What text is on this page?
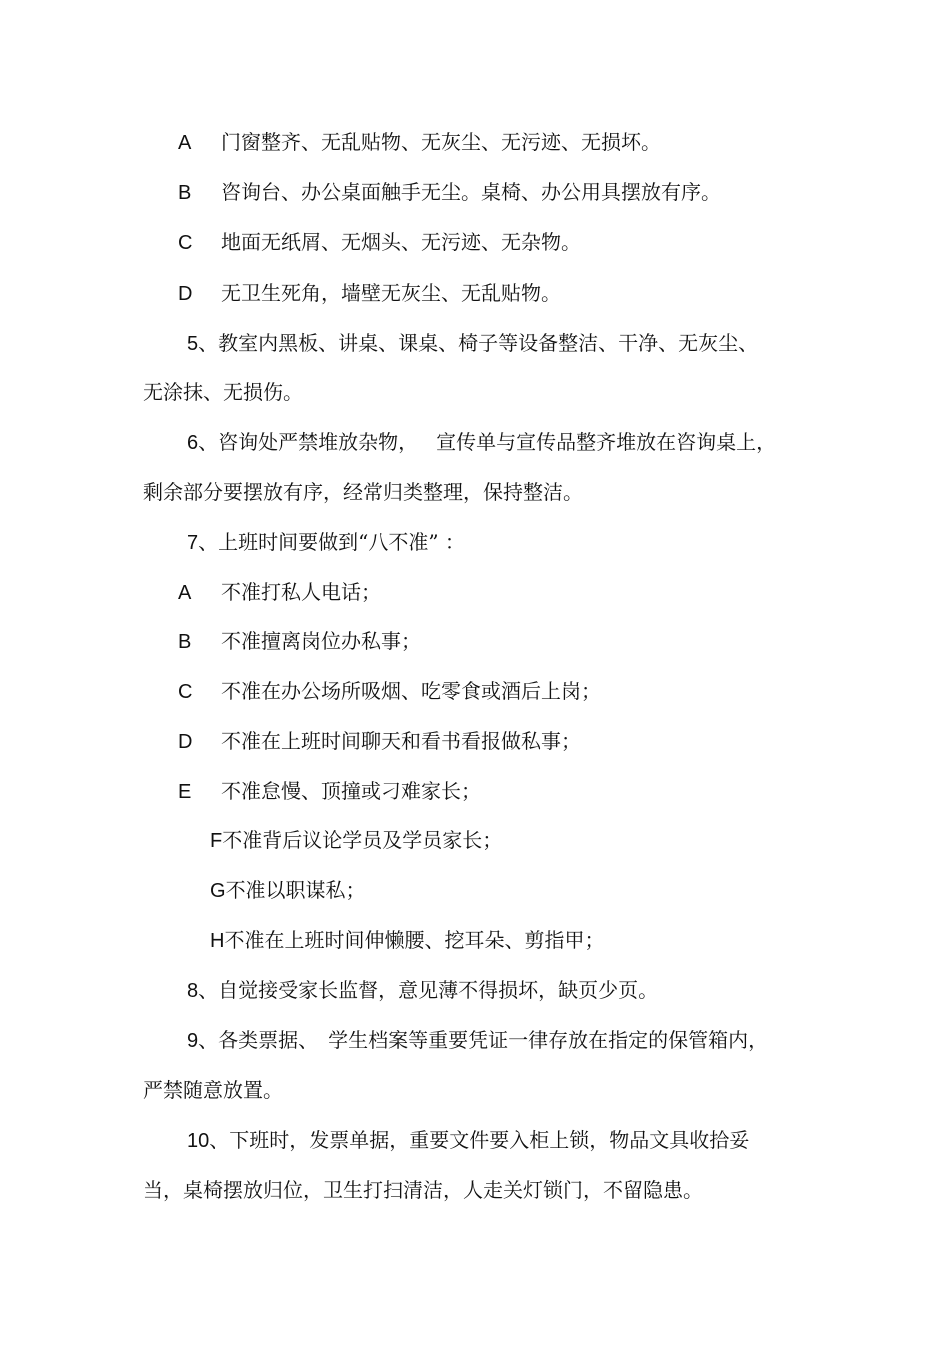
A 门窗整齐、无乱贴物、无灰尘、无污迹、无损坏。
B 咨询台、办公桌面触手无尘。桌椅、办公用具摆放有序。
C 地面无纸屑、无烟头、无污迹、无杂物。
D 无卫生死角，墙壁无灰尘、无乱贴物。
5、教室内黑板、讲桌、课桌、椅子等设备整洁、干净、无灰尘、
无涂抹、无损伤。
6、咨询处严禁堆放杂物， 宣传单与宣传品整齐堆放在咨询桌上，
剩余部分要摆放有序，经常归类整理，保持整洁。
7、上班时间要做到“八不准” ：
A 不准打私人电话；
B 不准擅离岗位办私事；
C 不准在办公场所吸烟、吃零食或酒后上岗；
D 不准在上班时间聊天和看书看报做私事；
E 不准怠慢、顶撞或刁难家长；
F不准背后议论学员及学员家长；
G不准以职谋私；
H不准在上班时间伸懒腰、挖耳朵、剪指甲；
8、自觉接受家长监督，意见薄不得损坏，缺页少页。
9、各类票据、 学生档案等重要凭证一律存放在指定的保管箱内，
严禁随意放置。
10、下班时，发票单据，重要文件要入柜上锁，物品文具收拾妥
当，桌椅摆放归位，卫生打扫清洁，人走关灯锁门，不留隐患。
